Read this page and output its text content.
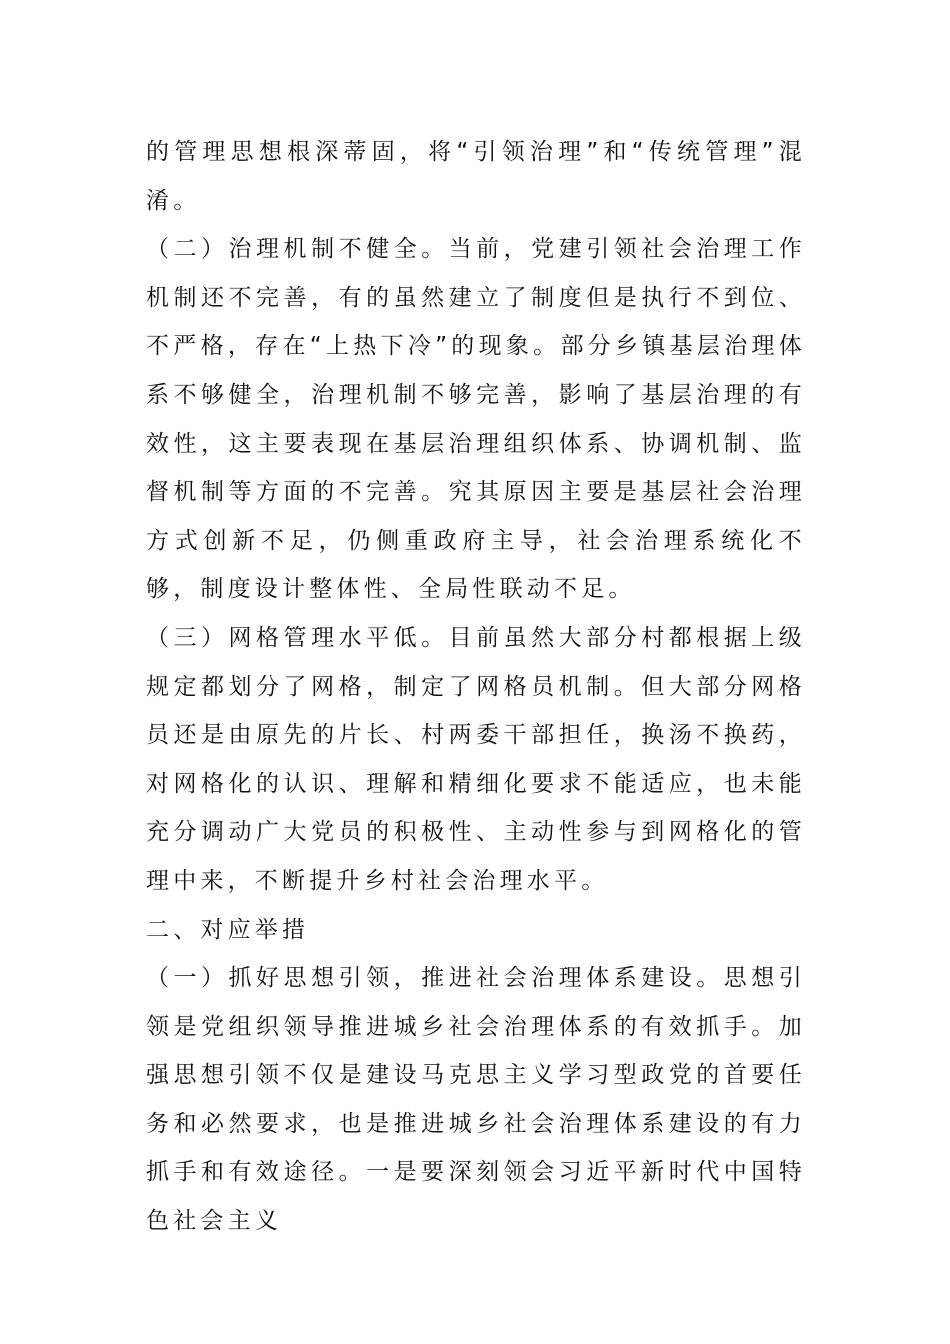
的管理思想根深蒂固，将“引领治理”和“传统管理”混淆。

（二）治理机制不健全。当前，党建引领社会治理工作机制还不完善，有的虽然建立了制度但是执行不到位、不严格，存在“上热下冷”的现象。部分乡镇基层治理体系不够健全，治理机制不够完善，影响了基层治理的有效性，这主要表现在基层治理组织体系、协调机制、监督机制等方面的不完善。究其原因主要是基层社会治理方式创新不足，仍侧重政府主导，社会治理系统化不够，制度设计整体性、全局性联动不足。

（三）网格管理水平低。目前虽然大部分村都根据上级规定都划分了网格，制定了网格员机制。但大部分网格员还是由原先的片长、村两委干部担任，换汤不换药，对网格化的认识、理解和精细化要求不能适应，也未能充分调动广大党员的积极性、主动性参与到网格化的管理中来，不断提升乡村社会治理水平。

二、对应举措

（一）抓好思想引领，推进社会治理体系建设。思想引领是党组织领导推进城乡社会治理体系的有效抓手。加强思想引领不仅是建设马克思主义学习型政党的首要任务和必然要求，也是推进城乡社会治理体系建设的有力抓手和有效途径。一是要深刻领会习近平新时代中国特色社会主义
